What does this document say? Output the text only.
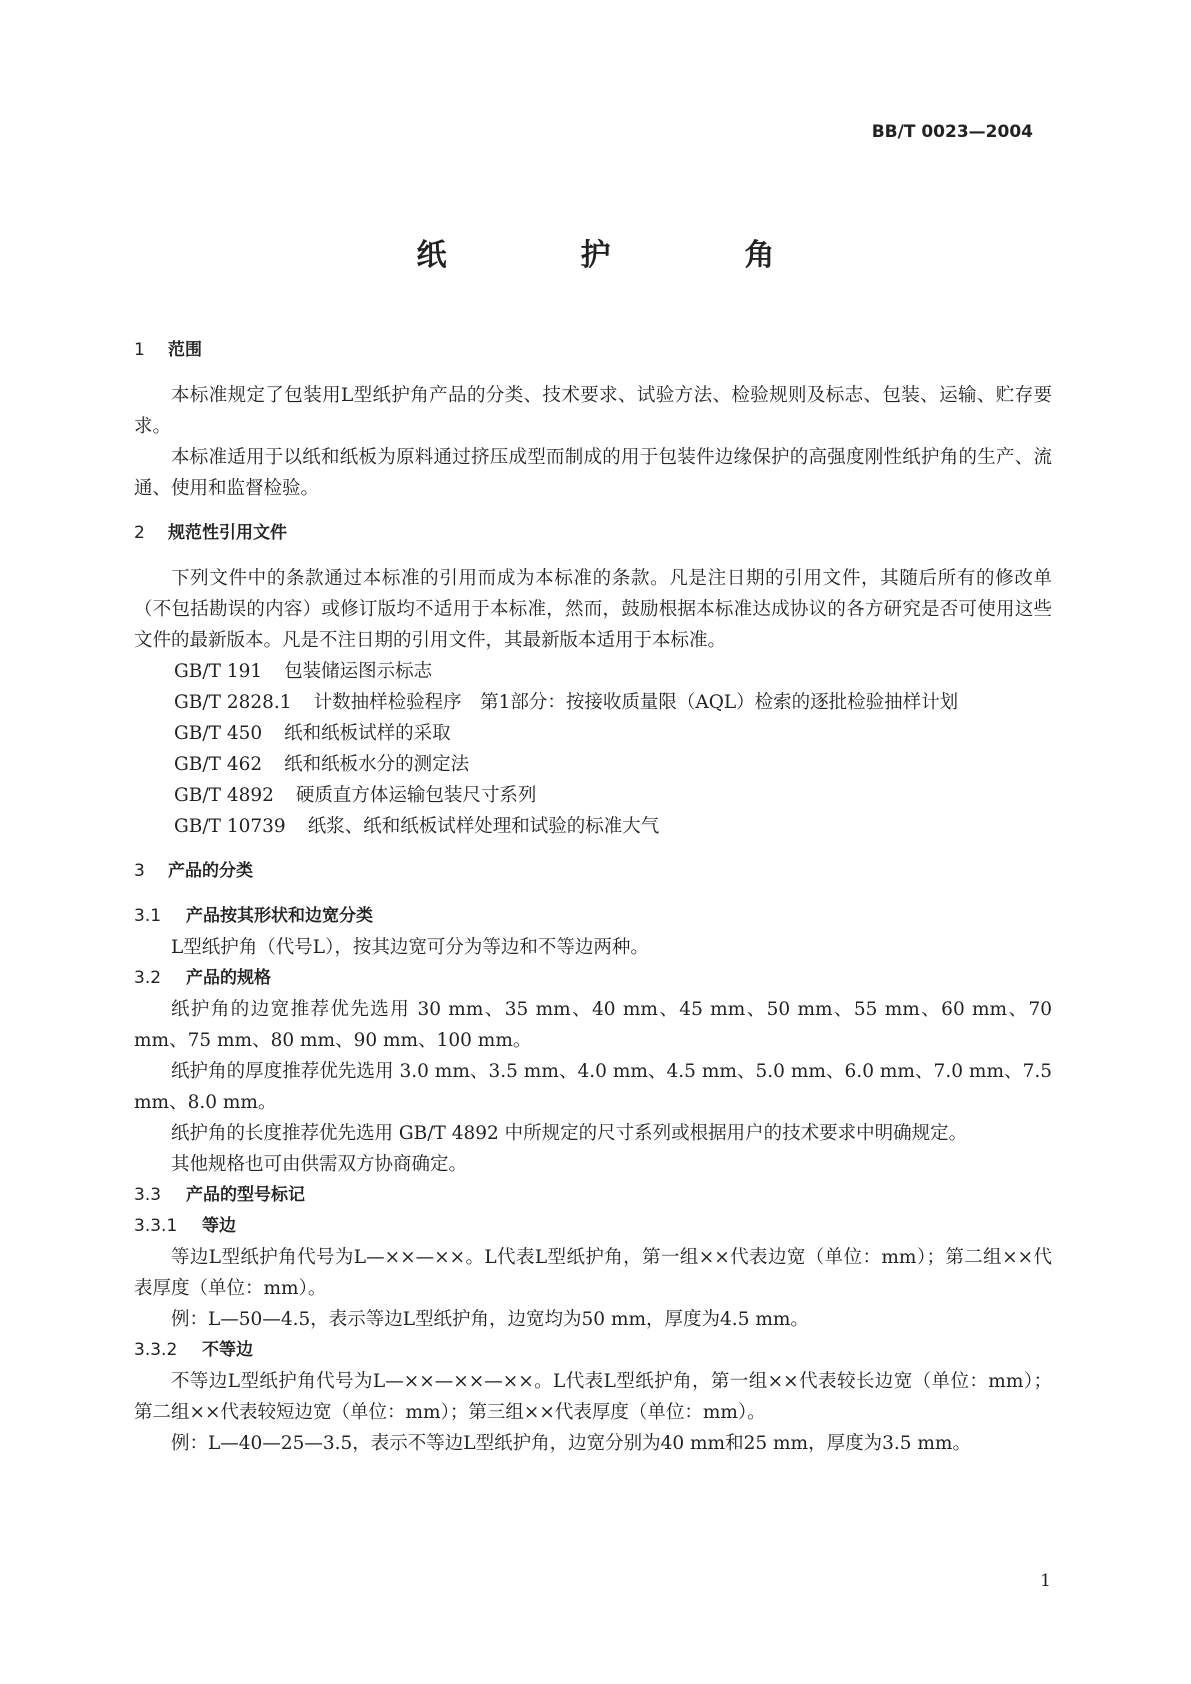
BB/T 0023—2004
纸　护　角
1 范围

本标准规定了包装用L型纸护角产品的分类、技术要求、试验方法、检验规则及标志、包装、运输、贮存要求。

本标准适用于以纸和纸板为原料通过挤压成型而制成的用于包装件边缘保护的高强度刚性纸护角的生产、流通、使用和监督检验。

2 规范性引用文件

下列文件中的条款通过本标准的引用而成为本标准的条款。凡是注日期的引用文件，其随后所有的修改单（不包括勘误的内容）或修订版均不适用于本标准，然而，鼓励根据本标准达成协议的各方研究是否可使用这些文件的最新版本。凡是不注日期的引用文件，其最新版本适用于本标准。

GB/T 191 包装储运图示标志
GB/T 2828.1 计数抽样检验程序　第1部分：按接收质量限（AQL）检索的逐批检验抽样计划
GB/T 450 纸和纸板试样的采取
GB/T 462 纸和纸板水分的测定法
GB/T 4892 硬质直方体运输包装尺寸系列
GB/T 10739 纸浆、纸和纸板试样处理和试验的标准大气
3 产品的分类
3.1 产品按其形状和边宽分类

L型纸护角（代号L），按其边宽可分为等边和不等边两种。

3.2 产品的规格

纸护角的边宽推荐优先选用 30 mm、35 mm、40 mm、45 mm、50 mm、55 mm、60 mm、70 mm、75 mm、80 mm、90 mm、100 mm。

纸护角的厚度推荐优先选用 3.0 mm、3.5 mm、4.0 mm、4.5 mm、5.0 mm、6.0 mm、7.0 mm、7.5 mm、8.0 mm。

纸护角的长度推荐优先选用 GB/T 4892 中所规定的尺寸系列或根据用户的技术要求中明确规定。

其他规格也可由供需双方协商确定。

3.3 产品的型号标记
3.3.1 等边

等边L型纸护角代号为L—××—××。L代表L型纸护角，第一组××代表边宽（单位：mm）；第二组××代表厚度（单位：mm）。

例：L—50—4.5，表示等边L型纸护角，边宽均为50 mm，厚度为4.5 mm。

3.3.2 不等边

不等边L型纸护角代号为L—××—××—××。L代表L型纸护角，第一组××代表较长边宽（单位：mm）；第二组××代表较短边宽（单位：mm）；第三组××代表厚度（单位：mm）。

例：L—40—25—3.5，表示不等边L型纸护角，边宽分别为40 mm和25 mm，厚度为3.5 mm。

1
